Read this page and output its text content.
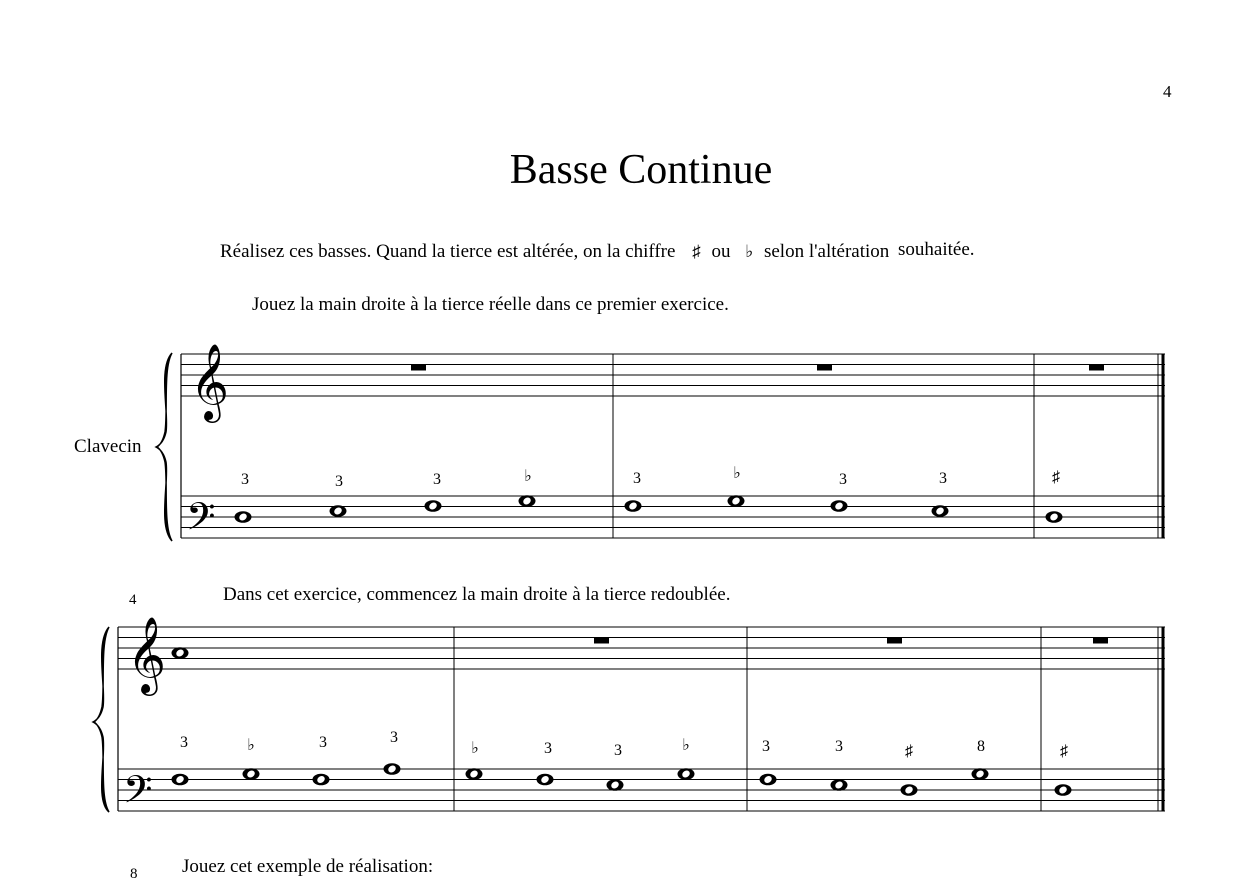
4
Basse Continue
Réalisez ces basses. Quand la tierce est altérée, on la chiffre ♯ ou ♭ selon l'altération souhaitée.
Jouez la main droite à la tierce réelle dans ce premier exercice.
Clavecin
4	Dans cet exercice, commencez la main droite à la tierce redoublée.
8 Jouez cet exemple de réalisation:
𝄞
𝄢
3	3	3	♭	3	♭	3	3	♯
𝄞
𝄢
3	♭	3	3
♭	3	3	♭	3	3	♯	8	♯
